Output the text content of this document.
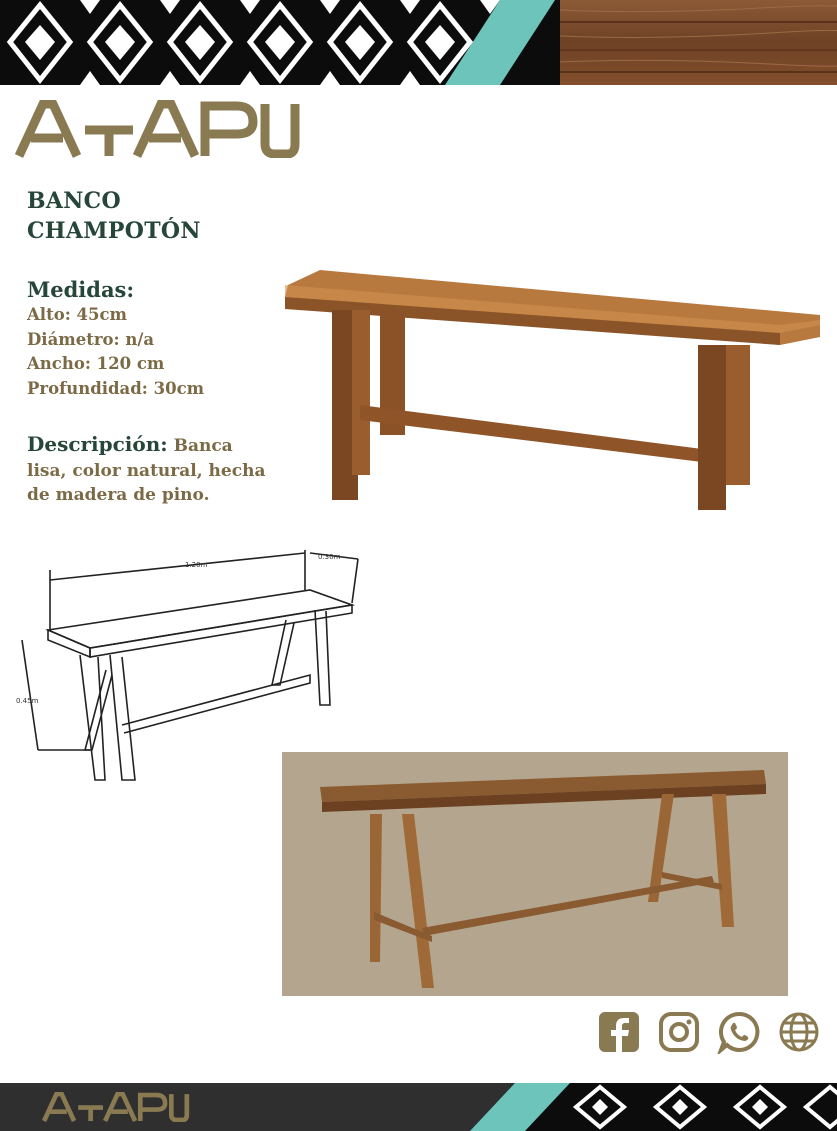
BANCO
CHAMPOTÓN
Medidas:
Alto: 45cm
Diámetro: n/a
Ancho: 120 cm
Profundidad: 30cm

Descripción: Banca lisa, color natural, hecha de madera de pino.

1.20m
0.30m
0.45m
